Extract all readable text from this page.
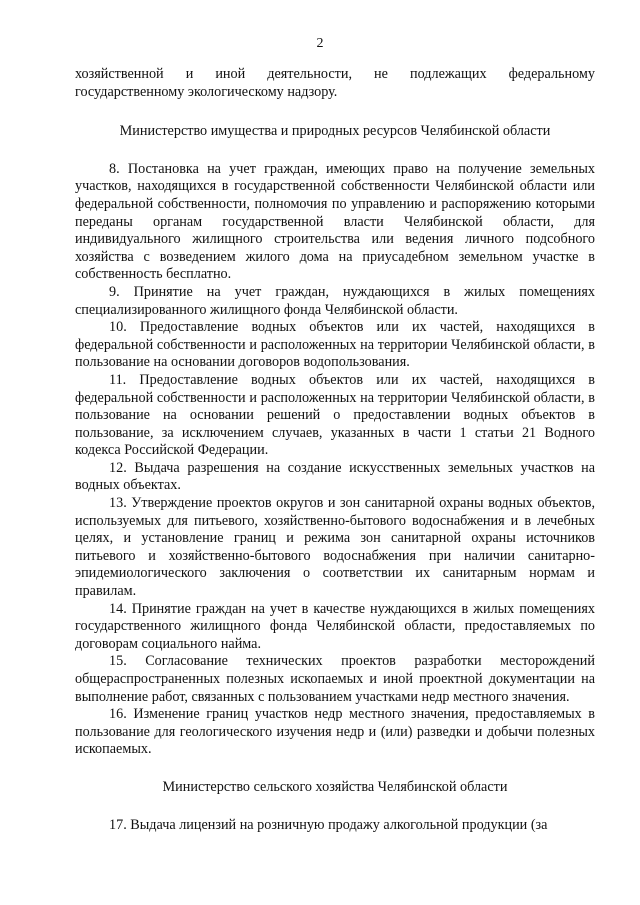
2

хозяйственной и иной деятельности, не подлежащих федеральному государственному экологическому надзору.

Министерство имущества и природных ресурсов Челябинской области

8. Постановка на учет граждан, имеющих право на получение земельных участков, находящихся в государственной собственности Челябинской области или федеральной собственности, полномочия по управлению и распоряжению которыми переданы органам государственной власти Челябинской области, для индивидуального жилищного строительства или ведения личного подсобного хозяйства с возведением жилого дома на приусадебном земельном участке в собственность бесплатно.

9. Принятие на учет граждан, нуждающихся в жилых помещениях специализированного жилищного фонда Челябинской области.

10. Предоставление водных объектов или их частей, находящихся в федеральной собственности и расположенных на территории Челябинской области, в пользование на основании договоров водопользования.

11. Предоставление водных объектов или их частей, находящихся в федеральной собственности и расположенных на территории Челябинской области, в пользование на основании решений о предоставлении водных объектов в пользование, за исключением случаев, указанных в части 1 статьи 21 Водного кодекса Российской Федерации.

12. Выдача разрешения на создание искусственных земельных участков на водных объектах.

13. Утверждение проектов округов и зон санитарной охраны водных объектов, используемых для питьевого, хозяйственно-бытового водоснабжения и в лечебных целях, и установление границ и режима зон санитарной охраны источников питьевого и хозяйственно-бытового водоснабжения при наличии санитарно-эпидемиологического заключения о соответствии их санитарным нормам и правилам.

14. Принятие граждан на учет в качестве нуждающихся в жилых помещениях государственного жилищного фонда Челябинской области, предоставляемых по договорам социального найма.

15. Согласование технических проектов разработки месторождений общераспространенных полезных ископаемых и иной проектной документации на выполнение работ, связанных с пользованием участками недр местного значения.

16. Изменение границ участков недр местного значения, предоставляемых в пользование для геологического изучения недр и (или) разведки и добычи полезных ископаемых.

Министерство сельского хозяйства Челябинской области

17. Выдача лицензий на розничную продажу алкогольной продукции (за
